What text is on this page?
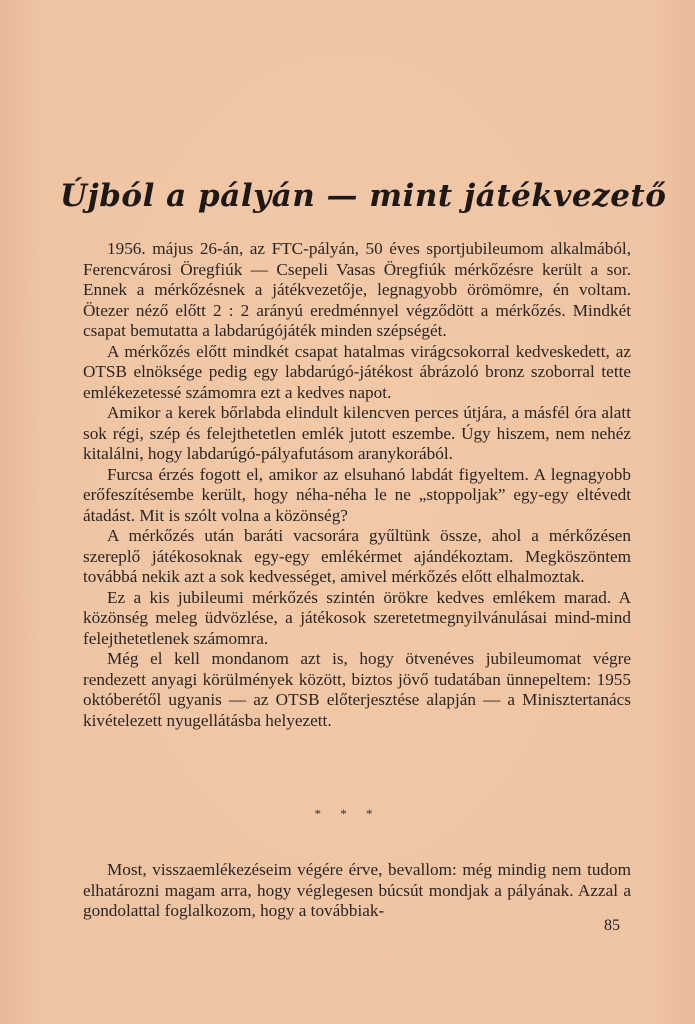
Újból a pályán — mint játékvezető

1956. május 26-án, az FTC-pályán, 50 éves sportjubileumom alkalmából, Ferencvárosi Öregfiúk — Csepeli Vasas Öregfiúk mérkőzésre került a sor. Ennek a mérkőzésnek a játékvezetője, legnagyobb örömömre, én voltam. Ötezer néző előtt 2 : 2 arányú eredménnyel végződött a mérkőzés. Mindkét csapat bemutatta a labdarúgójáték minden szépségét.

A mérkőzés előtt mindkét csapat hatalmas virágcsokorral kedveskedett, az OTSB elnöksége pedig egy labdarúgó-játékost ábrázoló bronz szoborral tette emlékezetessé számomra ezt a kedves napot.

Amikor a kerek bőrlabda elindult kilencven perces útjára, a másfél óra alatt sok régi, szép és felejthetetlen emlék jutott eszembe. Úgy hiszem, nem nehéz kitalálni, hogy labdarúgó-pályafutásom aranykorából.

Furcsa érzés fogott el, amikor az elsuhanó labdát figyeltem. A legnagyobb erőfeszítésembe került, hogy néha-néha le ne „stoppoljak” egy-egy eltévedt átadást. Mit is szólt volna a közönség?

A mérkőzés után baráti vacsorára gyűltünk össze, ahol a mérkőzésen szereplő játékosoknak egy-egy emlékérmet ajándékoztam. Megköszöntem továbbá nekik azt a sok kedvességet, amivel mérkőzés előtt elhalmoztak.

Ez a kis jubileumi mérkőzés szintén örökre kedves emlékem marad. A közönség meleg üdvözlése, a játékosok szeretetmegnyilvánulásai mind-mind felejthetetlenek számomra.

Még el kell mondanom azt is, hogy ötvenéves jubileumomat végre rendezett anyagi körülmények között, biztos jövő tudatában ünnepeltem: 1955 októberétől ugyanis — az OTSB előterjesztése alapján — a Minisztertanács kivételezett nyugellátásba helyezett.

* * *

Most, visszaemlékezéseim végére érve, bevallom: még mindig nem tudom elhatározni magam arra, hogy véglegesen búcsút mondjak a pályának. Azzal a gondolattal foglalkozom, hogy a továbbiak-

85
